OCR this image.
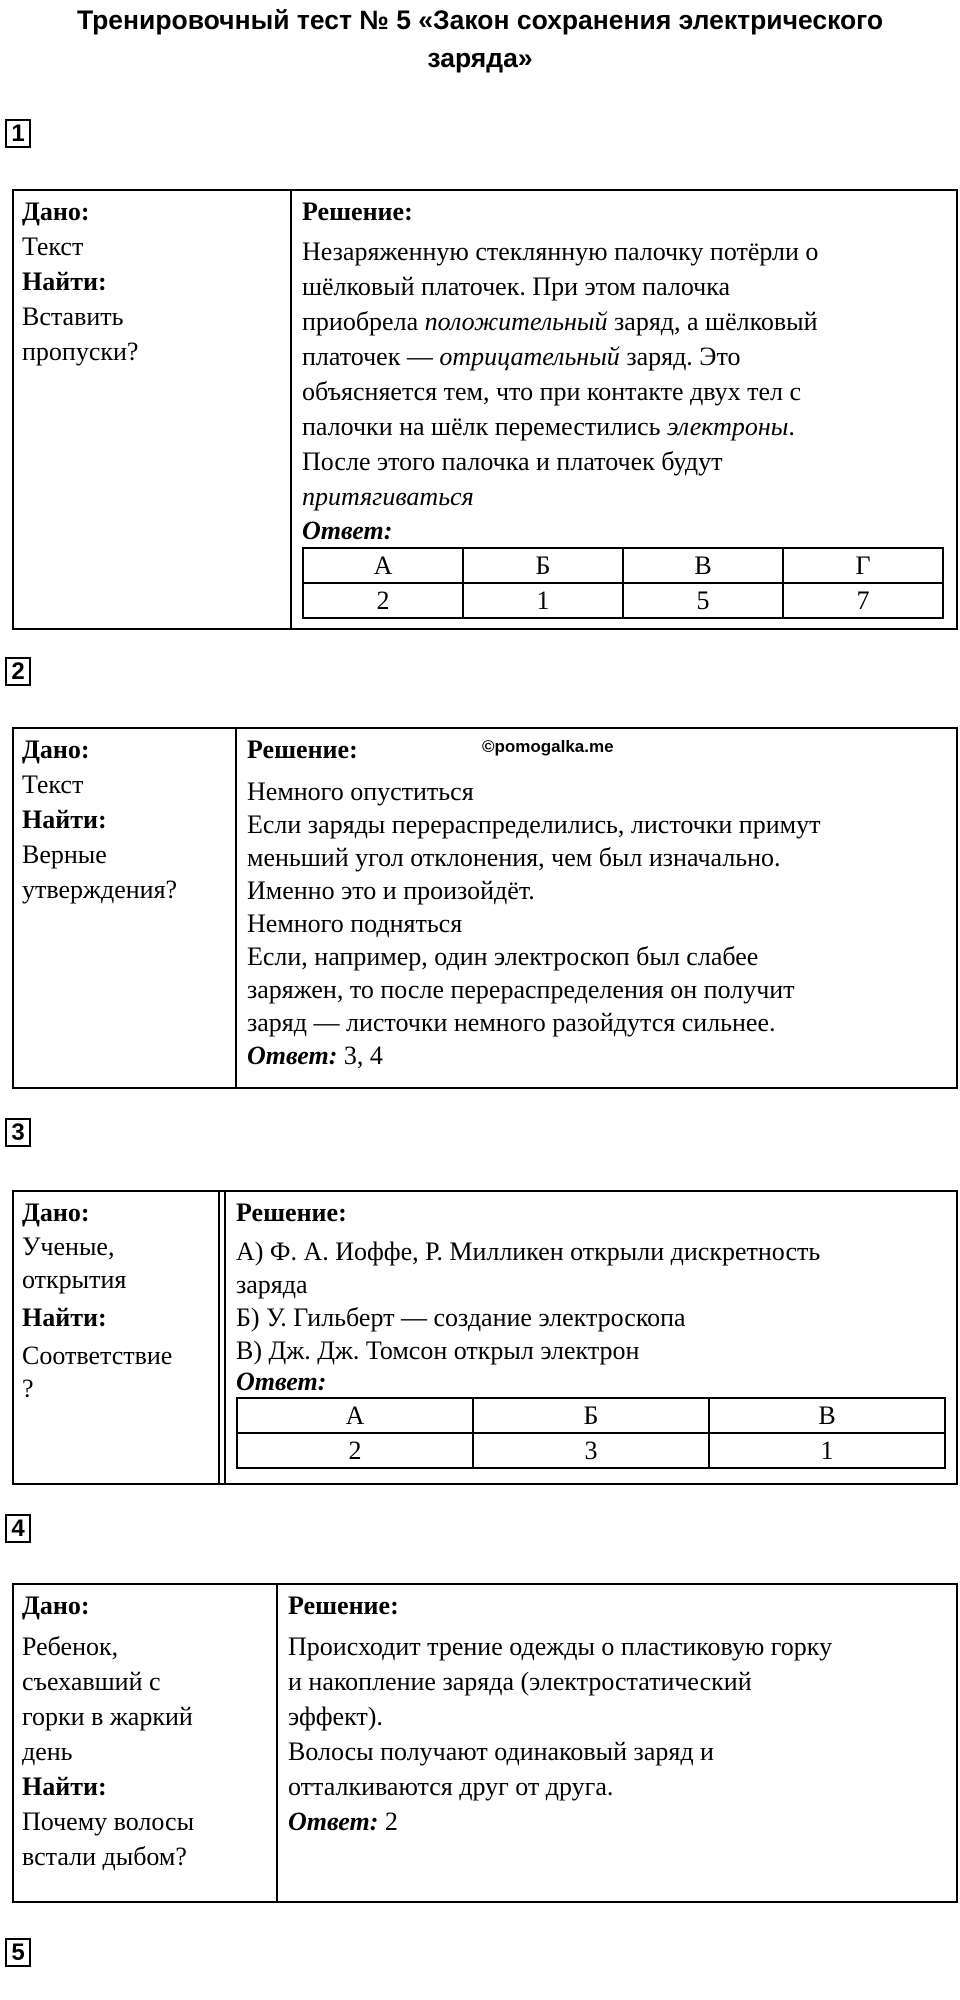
Тренировочный тест № 5 «Закон сохранения электрического
заряда»
1
Дано:
Текст
Найти:
Вставить
пропуски?
Решение:
Незаряженную стеклянную палочку потёрли о
шёлковый платочек. При этом палочка
приобрела положительный заряд, а шёлковый
платочек — отрицательный заряд. Это
объясняется тем, что при контакте двух тел с
палочки на шёлк переместились электроны.
После этого палочка и платочек будут
притягиваться
Ответ:
А	Б	В	Г
2	1	5	7
2
Дано:
Текст
Найти:
Верные
утверждения?
Решение:	©pomogalka.me
Немного опуститься
Если заряды перераспределились, листочки примут
меньший угол отклонения, чем был изначально.
Именно это и произойдёт.
Немного подняться
Если, например, один электроскоп был слабее
заряжен, то после перераспределения он получит
заряд — листочки немного разойдутся сильнее.
Ответ: 3, 4
3
Дано:
Ученые,
открытия
Найти:
Соответствие
?
Решение:
А) Ф. А. Иоффе, Р. Милликен открыли дискретность
заряда
Б) У. Гильберт — создание электроскопа
В) Дж. Дж. Томсон открыл электрон
Ответ:
А	Б	В
2	3	1
4
Дано:
Ребенок,
съехавший с
горки в жаркий
день
Найти:
Почему волосы
встали дыбом?
Решение:
Происходит трение одежды о пластиковую горку
и накопление заряда (электростатический
эффект).
Волосы получают одинаковый заряд и
отталкиваются друг от друга.
Ответ: 2
5
